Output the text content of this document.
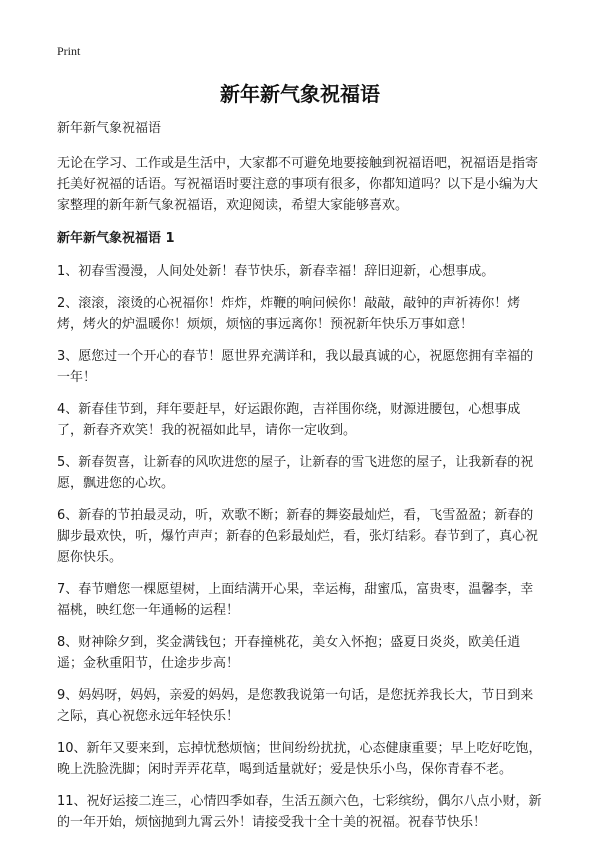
Print
新年新气象祝福语

新年新气象祝福语

无论在学习、工作或是生活中，大家都不可避免地要接触到祝福语吧，祝福语是指寄托美好祝福的话语。写祝福语时要注意的事项有很多，你都知道吗？以下是小编为大家整理的新年新气象祝福语，欢迎阅读，希望大家能够喜欢。

新年新气象祝福语 1

1、初春雪漫漫，人间处处新！春节快乐，新春幸福！辞旧迎新，心想事成。

2、滚滚，滚烫的心祝福你！炸炸，炸鞭的响问候你！敲敲，敲钟的声祈祷你！烤烤，烤火的炉温暖你！烦烦，烦恼的事远离你！预祝新年快乐万事如意！

3、愿您过一个开心的春节！愿世界充满详和，我以最真诚的心，祝愿您拥有幸福的一年！

4、新春佳节到，拜年要赶早，好运跟你跑，吉祥围你绕，财源进腰包，心想事成了，新春齐欢笑！我的祝福如此早，请你一定收到。

5、新春贺喜，让新春的风吹进您的屋子，让新春的雪飞进您的屋子，让我新春的祝愿，飘进您的心坎。

6、新春的节拍最灵动，听，欢歌不断；新春的舞姿最灿烂，看，飞雪盈盈；新春的脚步最欢快，听，爆竹声声；新春的色彩最灿烂，看，张灯结彩。春节到了，真心祝愿你快乐。

7、春节赠您一棵愿望树，上面结满开心果，幸运梅，甜蜜瓜，富贵枣，温馨李，幸福桃，映红您一年通畅的运程！

8、财神除夕到，奖金满钱包；开春撞桃花，美女入怀抱；盛夏日炎炎，欧美任逍遥；金秋重阳节，仕途步步高！

9、妈妈呀，妈妈，亲爱的妈妈，是您教我说第一句话，是您抚养我长大，节日到来之际，真心祝您永远年轻快乐！

10、新年又要来到，忘掉忧愁烦恼；世间纷纷扰扰，心态健康重要；早上吃好吃饱，晚上洗脸洗脚；闲时弄弄花草，喝到适量就好；爱是快乐小鸟，保你青春不老。

11、祝好运接二连三，心情四季如春，生活五颜六色，七彩缤纷，偶尔八点小财，新的一年开始，烦恼抛到九霄云外！请接受我十全十美的祝福。祝春节快乐！
